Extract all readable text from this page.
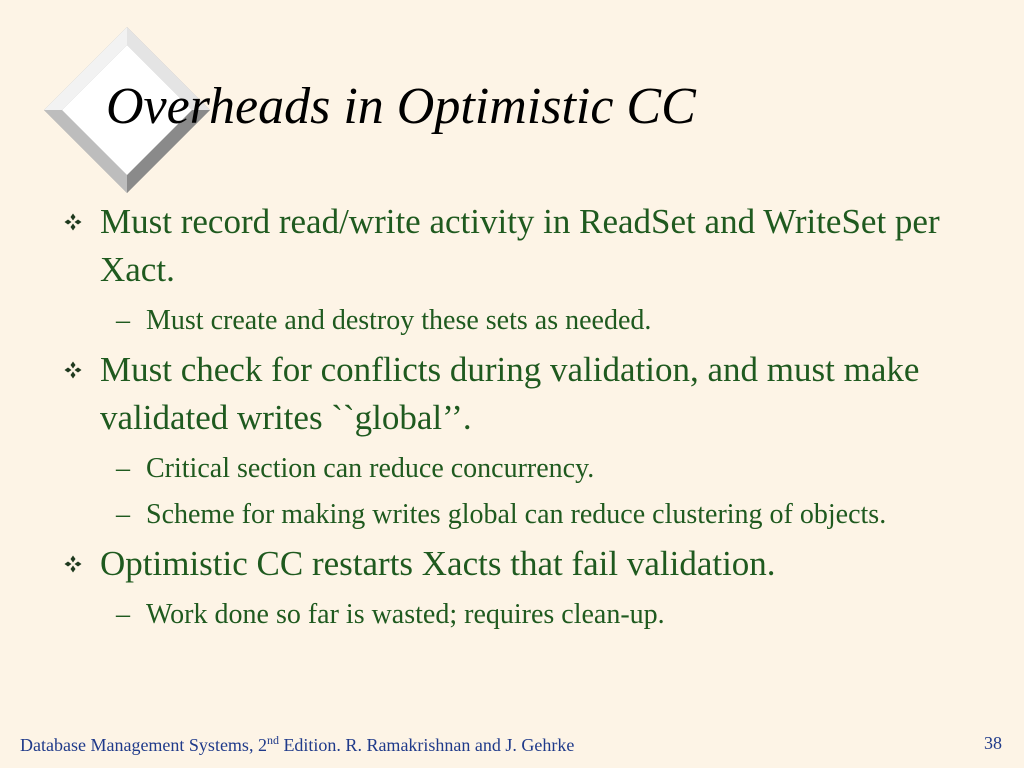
Overheads in Optimistic CC
Must record read/write activity in ReadSet and WriteSet per Xact.
– Must create and destroy these sets as needed.
Must check for conflicts during validation, and must make validated writes ``global’’.
– Critical section can reduce concurrency.
– Scheme for making writes global can reduce clustering of objects.
Optimistic CC restarts Xacts that fail validation.
– Work done so far is wasted; requires clean-up.
Database Management Systems, 2nd Edition. R. Ramakrishnan and J. Gehrke	38
